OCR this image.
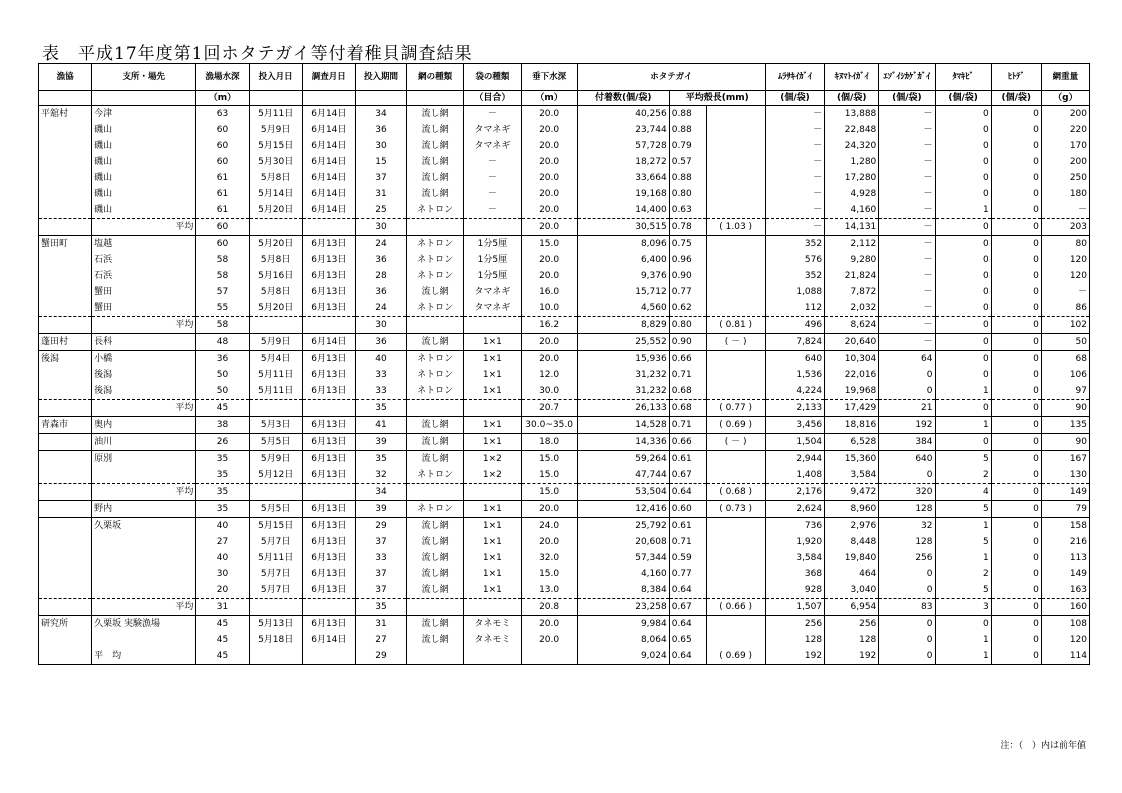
表　平成17年度第1回ホタテガイ等付着稚貝調査結果
漁協	支所・場先	漁場水深	投入月日	調査月日	投入期間	網の種類	袋の種類	垂下水深	ホタテガイ			ﾑﾗｻｷｲｶﾞｲ	ｷﾇﾏﾄｲｶﾞｲ	ｴｿﾞｲｼｶｹﾞｶﾞｲ	ﾀﾏｷﾋﾞ	ﾋﾄﾃﾞ	網重量
		（m）					（目合）	（m）	付着数(個/袋)	平均殻長(mm)		(個/袋)	(個/袋)	(個/袋)	(個/袋)	(個/袋)	（g）
平舘村	今津	63	5月11日	6月14日	34	流し網	－	20.0	40,256	0.88		－	13,888	－	0	0	200
	磯山	60	5月9日	6月14日	36	流し網	タマネギ	20.0	23,744	0.88		－	22,848	－	0	0	220
	磯山	60	5月15日	6月14日	30	流し網	タマネギ	20.0	57,728	0.79		－	24,320	－	0	0	170
	磯山	60	5月30日	6月14日	15	流し網	－	20.0	18,272	0.57		－	1,280	－	0	0	200
	磯山	61	5月8日	6月14日	37	流し網	－	20.0	33,664	0.88		－	17,280	－	0	0	250
	磯山	61	5月14日	6月14日	31	流し網	－	20.0	19,168	0.80		－	4,928	－	0	0	180
	磯山	61	5月20日	6月14日	25	ネトロン	－	20.0	14,400	0.63		－	4,160	－	1	0	－
	平均	60			30			20.0	30,515	0.78	( 1.03 )	－	14,131	－	0	0	203
蟹田町	塩越	60	5月20日	6月13日	24	ネトロン	1分5厘	15.0	8,096	0.75		352	2,112	－	0	0	80
	石浜	58	5月8日	6月13日	36	ネトロン	1分5厘	20.0	6,400	0.96		576	9,280	－	0	0	120
	石浜	58	5月16日	6月13日	28	ネトロン	1分5厘	20.0	9,376	0.90		352	21,824	－	0	0	120
	蟹田	57	5月8日	6月13日	36	流し網	タマネギ	16.0	15,712	0.77		1,088	7,872	－	0	0	－
	蟹田	55	5月20日	6月13日	24	ネトロン	タマネギ	10.0	4,560	0.62		112	2,032	－	0	0	86
	平均	58			30			16.2	8,829	0.80	( 0.81 )	496	8,624	－	0	0	102
蓬田村	長科	48	5月9日	6月14日	36	流し網	1×1	20.0	25,552	0.90	( － )	7,824	20,640	－	0	0	50
後潟	小橋	36	5月4日	6月13日	40	ネトロン	1×1	20.0	15,936	0.66		640	10,304	64	0	0	68
	後潟	50	5月11日	6月13日	33	ネトロン	1×1	12.0	31,232	0.71		1,536	22,016	0	0	0	106
	後潟	50	5月11日	6月13日	33	ネトロン	1×1	30.0	31,232	0.68		4,224	19,968	0	1	0	97
	平均	45			35			20.7	26,133	0.68	( 0.77 )	2,133	17,429	21	0	0	90
青森市	奥内	38	5月3日	6月13日	41	流し網	1×1	30.0~35.0	14,528	0.71	( 0.69 )	3,456	18,816	192	1	0	135
	油川	26	5月5日	6月13日	39	流し網	1×1	18.0	14,336	0.66	( － )	1,504	6,528	384	0	0	90
	原別	35	5月9日	6月13日	35	流し網	1×2	15.0	59,264	0.61		2,944	15,360	640	5	0	167
		35	5月12日	6月13日	32	ネトロン	1×2	15.0	47,744	0.67		1,408	3,584	0	2	0	130
	平均	35			34			15.0	53,504	0.64	( 0.68 )	2,176	9,472	320	4	0	149
	野内	35	5月5日	6月13日	39	ネトロン	1×1	20.0	12,416	0.60	( 0.73 )	2,624	8,960	128	5	0	79
	久栗坂	40	5月15日	6月13日	29	流し網	1×1	24.0	25,792	0.61		736	2,976	32	1	0	158
		27	5月7日	6月13日	37	流し網	1×1	20.0	20,608	0.71		1,920	8,448	128	5	0	216
		40	5月11日	6月13日	33	流し網	1×1	32.0	57,344	0.59		3,584	19,840	256	1	0	113
		30	5月7日	6月13日	37	流し網	1×1	15.0	4,160	0.77		368	464	0	2	0	149
		20	5月7日	6月13日	37	流し網	1×1	13.0	8,384	0.64		928	3,040	0	5	0	163
	平均	31			35			20.8	23,258	0.67	( 0.66 )	1,507	6,954	83	3	0	160
研究所	久栗坂 実験漁場	45	5月13日	6月13日	31	流し網	タネモミ	20.0	9,984	0.64		256	256	0	0	0	108
		45	5月18日	6月14日	27	流し網	タネモミ	20.0	8,064	0.65		128	128	0	1	0	120
	平　均	45			29				9,024	0.64	( 0.69 )	192	192	0	1	0	114
注：（　）内は前年値
